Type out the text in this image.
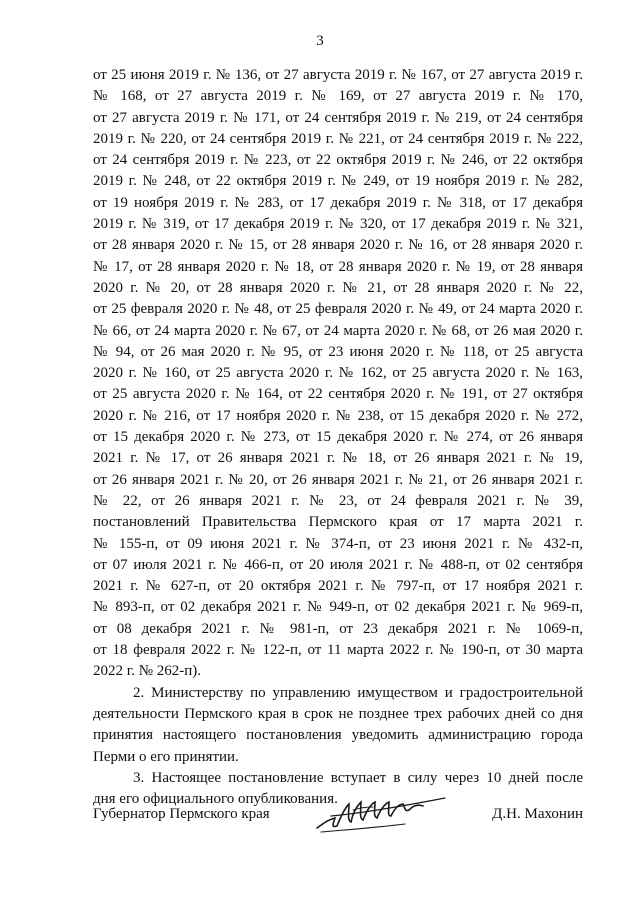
3
от 25 июня 2019 г. № 136, от 27 августа 2019 г. № 167, от 27 августа 2019 г.
№ 168, от 27 августа 2019 г. № 169, от 27 августа 2019 г. № 170,
от 27 августа 2019 г. № 171, от 24 сентября 2019 г. № 219, от 24 сентября
2019 г. № 220, от 24 сентября 2019 г. № 221, от 24 сентября 2019 г. № 222,
от 24 сентября 2019 г. № 223, от 22 октября 2019 г. № 246, от 22 октября
2019 г. № 248, от 22 октября 2019 г. № 249, от 19 ноября 2019 г. № 282,
от 19 ноября 2019 г. № 283, от 17 декабря 2019 г. № 318, от 17 декабря
2019 г. № 319, от 17 декабря 2019 г. № 320, от 17 декабря 2019 г. № 321,
от 28 января 2020 г. № 15, от 28 января 2020 г. № 16, от 28 января 2020 г.
№ 17, от 28 января 2020 г. № 18, от 28 января 2020 г. № 19, от 28 января
2020 г. № 20, от 28 января 2020 г. № 21, от 28 января 2020 г. № 22,
от 25 февраля 2020 г. № 48, от 25 февраля 2020 г. № 49, от 24 марта 2020 г.
№ 66, от 24 марта 2020 г. № 67, от 24 марта 2020 г. № 68, от 26 мая 2020 г.
№ 94, от 26 мая 2020 г. № 95, от 23 июня 2020 г. № 118, от 25 августа
2020 г. № 160, от 25 августа 2020 г. № 162, от 25 августа 2020 г. № 163,
от 25 августа 2020 г. № 164, от 22 сентября 2020 г. № 191, от 27 октября
2020 г. № 216, от 17 ноября 2020 г. № 238, от 15 декабря 2020 г. № 272,
от 15 декабря 2020 г. № 273, от 15 декабря 2020 г. № 274, от 26 января
2021 г. № 17, от 26 января 2021 г. № 18, от 26 января 2021 г. № 19,
от 26 января 2021 г. № 20, от 26 января 2021 г. № 21, от 26 января 2021 г.
№ 22, от 26 января 2021 г. № 23, от 24 февраля 2021 г. № 39,
постановлений Правительства Пермского края от 17 марта 2021 г.
№ 155-п, от 09 июня 2021 г. № 374-п, от 23 июня 2021 г. № 432-п,
от 07 июля 2021 г. № 466-п, от 20 июля 2021 г. № 488-п, от 02 сентября
2021 г. № 627-п, от 20 октября 2021 г. № 797-п, от 17 ноября 2021 г.
№ 893-п, от 02 декабря 2021 г. № 949-п, от 02 декабря 2021 г. № 969-п,
от 08 декабря 2021 г. № 981-п, от 23 декабря 2021 г. № 1069-п,
от 18 февраля 2022 г. № 122-п, от 11 марта 2022 г. № 190-п, от 30 марта
2022 г. № 262-п).
2. Министерству по управлению имуществом и градостроительной
деятельности Пермского края в срок не позднее трех рабочих дней со дня
принятия настоящего постановления уведомить администрацию города
Перми о его принятии.
3. Настоящее постановление вступает в силу через 10 дней после
дня его официального опубликования.
Губернатор Пермского края	Д.Н. Махонин
